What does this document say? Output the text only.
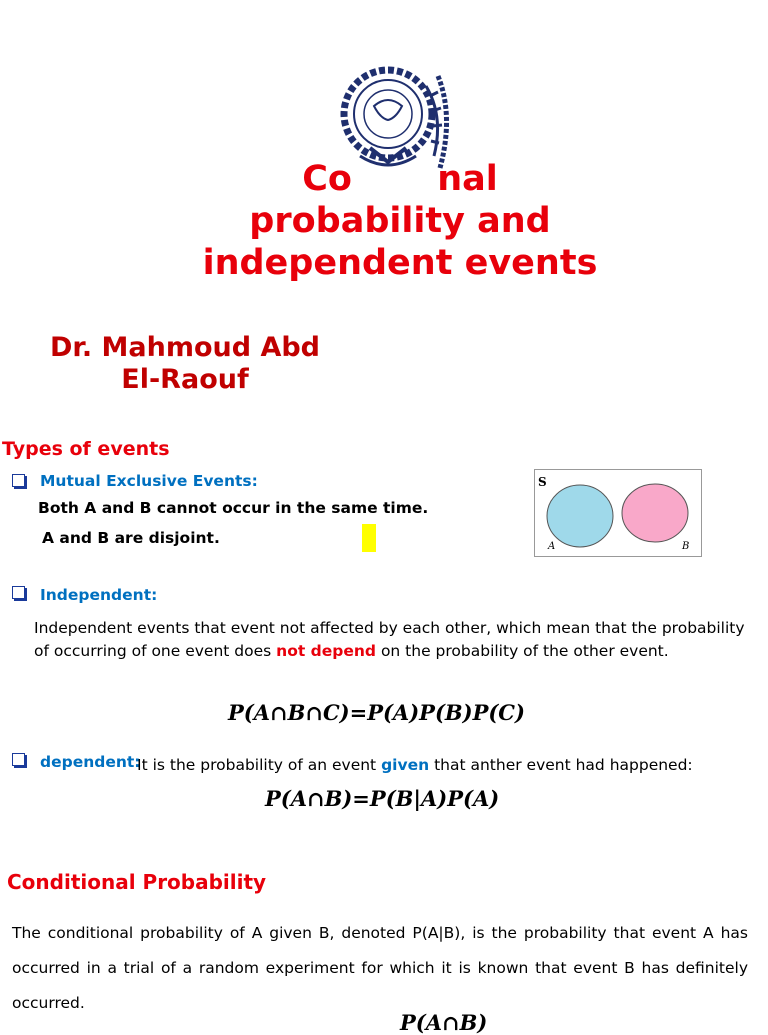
Co       nal
probability and
independent events
Dr. Mahmoud Abd
El-Raouf
Types of events
Mutual Exclusive Events:
Both A and B cannot occur in the same time.
A and B are disjoint.
S
A	B
Independent:
Independent events that event not affected by each other, which mean that the probability
of occurring of one event does not depend on the probability of the other event.
P(A∩B∩C)=P(A)P(B)P(C)
dependent:
It is the probability of an event given that anther event had happened:
P(A∩B)=P(B|A)P(A)
Conditional Probability
The conditional probability of A given B, denoted P(A|B), is the probability that event A has occurred in a trial of a random experiment for which it is known that event B has definitely occurred.
P(A∩B)
